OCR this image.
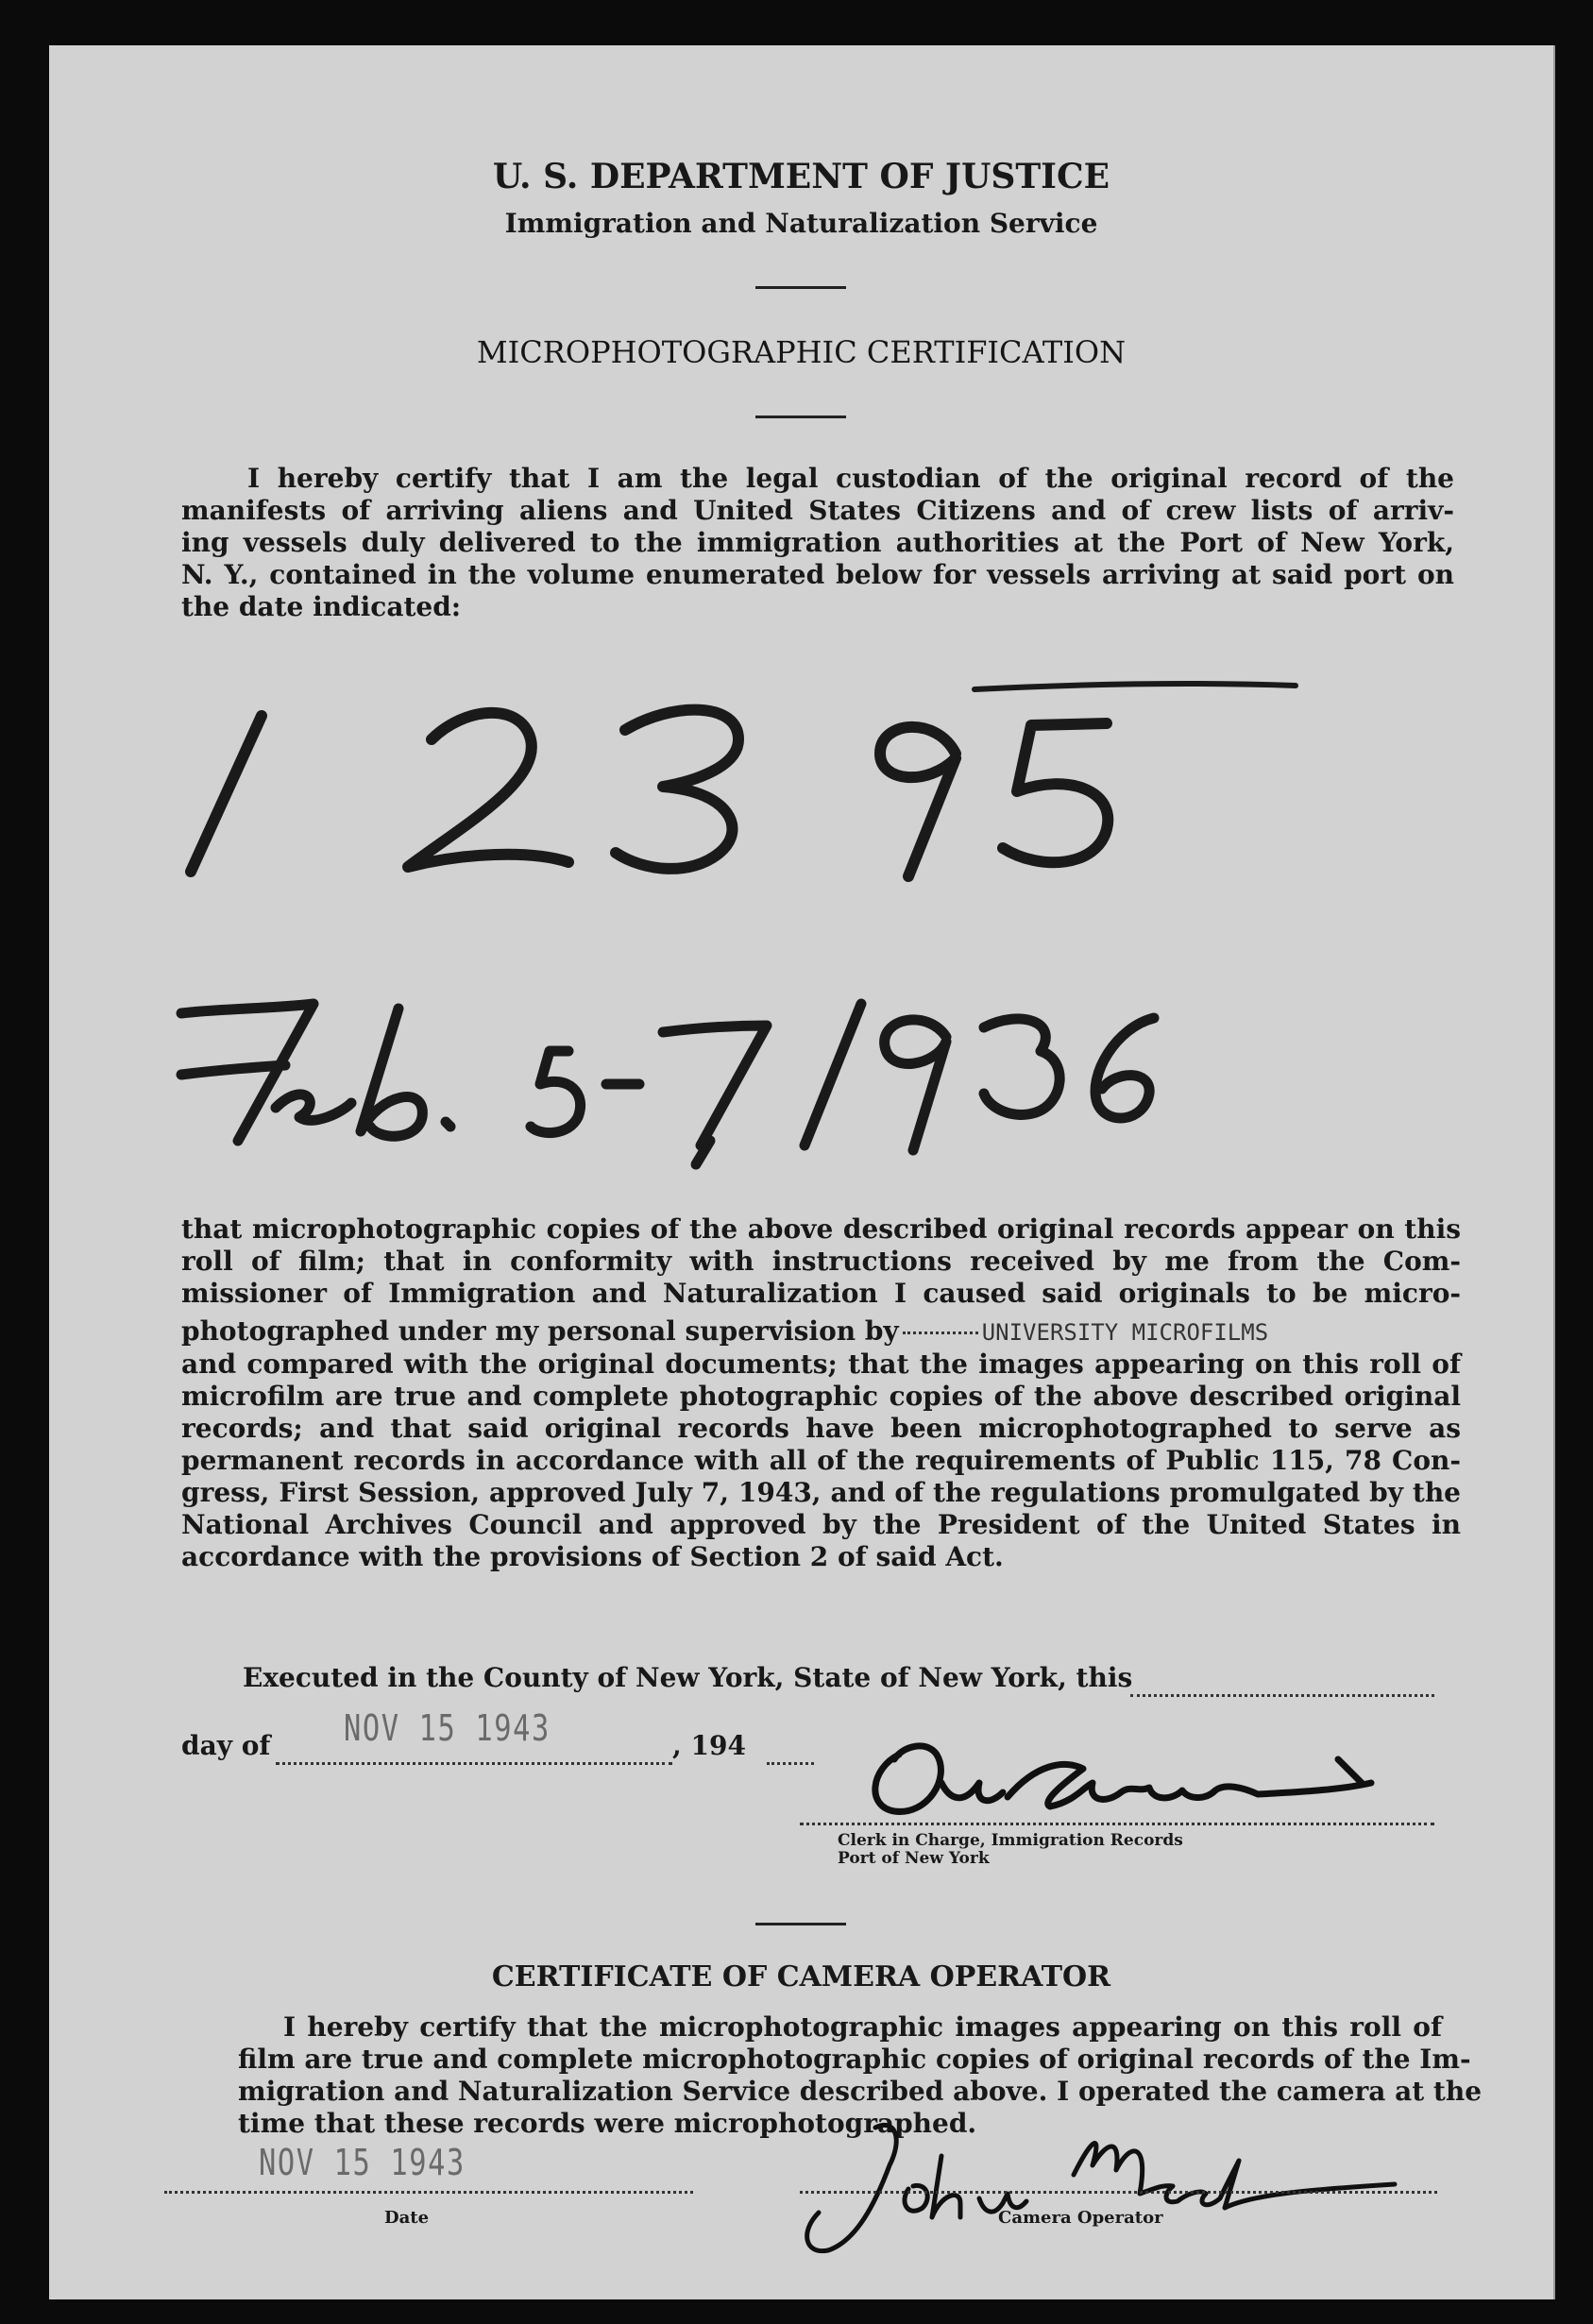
U. S. DEPARTMENT OF JUSTICE
Immigration and Naturalization Service
MICROPHOTOGRAPHIC CERTIFICATION
I hereby certify that I am the legal custodian of the original record of the
manifests of arriving aliens and United States Citizens and of crew lists of arriv-
ing vessels duly delivered to the immigration authorities at the Port of New York,
N. Y., contained in the volume enumerated below for vessels arriving at said port on
the date indicated:
that microphotographic copies of the above described original records appear on this
roll of film; that in conformity with instructions received by me from the Com-
missioner of Immigration and Naturalization I caused said originals to be micro-
photographed under my personal supervision by	UNIVERSITY MICROFILMS
and compared with the original documents; that the images appearing on this roll of
microfilm are true and complete photographic copies of the above described original
records; and that said original records have been microphotographed to serve as
permanent records in accordance with all of the requirements of Public 115, 78 Con-
gress, First Session, approved July 7, 1943, and of the regulations promulgated by the
National Archives Council and approved by the President of the United States in
accordance with the provisions of Section 2 of said Act.
Executed in the County of New York, State of New York, this
day of NOV 15 1943	, 194
Clerk in Charge, Immigration Records
Port of New York
CERTIFICATE OF CAMERA OPERATOR
I hereby certify that the microphotographic images appearing on this roll of
film are true and complete microphotographic copies of original records of the Im-
migration and Naturalization Service described above. I operated the camera at the
time that these records were microphotographed.
NOV 15 1943
Date	Camera Operator
